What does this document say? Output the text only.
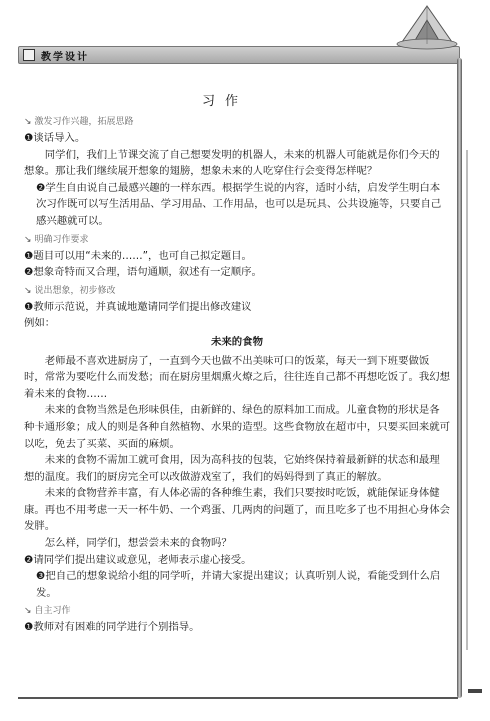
教学设计
习作
↘ 激发习作兴趣，拓展思路
❶谈话导入。
同学们，我们上节课交流了自己想要发明的机器人，未来的机器人可能就是你们今天的想象。那让我们继续展开想象的翅膀，想象未来的人吃穿住行会变得怎样呢？
❷学生自由说自己最感兴趣的一样东西。根据学生说的内容，适时小结，启发学生明白本次习作既可以写生活用品、学习用品、工作用品，也可以是玩具、公共设施等，只要自己感兴趣就可以。
↘ 明确习作要求
❶题目可以用“未来的……”，也可自己拟定题目。
❷想象奇特而又合理，语句通顺，叙述有一定顺序。
↘ 说出想象，初步修改
❶教师示范说，并真诚地邀请同学们提出修改建议
例如：
未来的食物
老师最不喜欢进厨房了，一直到今天也做不出美味可口的饭菜，每天一到下班要做饭时，常常为要吃什么而发愁；而在厨房里烟熏火燎之后，往往连自己都不再想吃饭了。我幻想着未来的食物……
未来的食物当然是色形味俱佳，由新鲜的、绿色的原料加工而成。儿童食物的形状是各种卡通形象；成人的则是各种自然植物、水果的造型。这些食物放在超市中，只要买回来就可以吃，免去了买菜、买面的麻烦。
未来的食物不需加工就可食用，因为高科技的包装，它始终保持着最新鲜的状态和最理想的温度。我们的厨房完全可以改做游戏室了，我们的妈妈得到了真正的解放。
未来的食物营养丰富，有人体必需的各种维生素，我们只要按时吃饭，就能保证身体健康。再也不用考虑一天一杯牛奶、一个鸡蛋、几两肉的问题了，而且吃多了也不用担心身体会发胖。
怎么样，同学们，想尝尝未来的食物吗？
❷请同学们提出建议或意见，老师表示虚心接受。
❸把自己的想象说给小组的同学听，并请大家提出建议；认真听别人说，看能受到什么启发。
↘ 自主习作
❶教师对有困难的同学进行个别指导。
